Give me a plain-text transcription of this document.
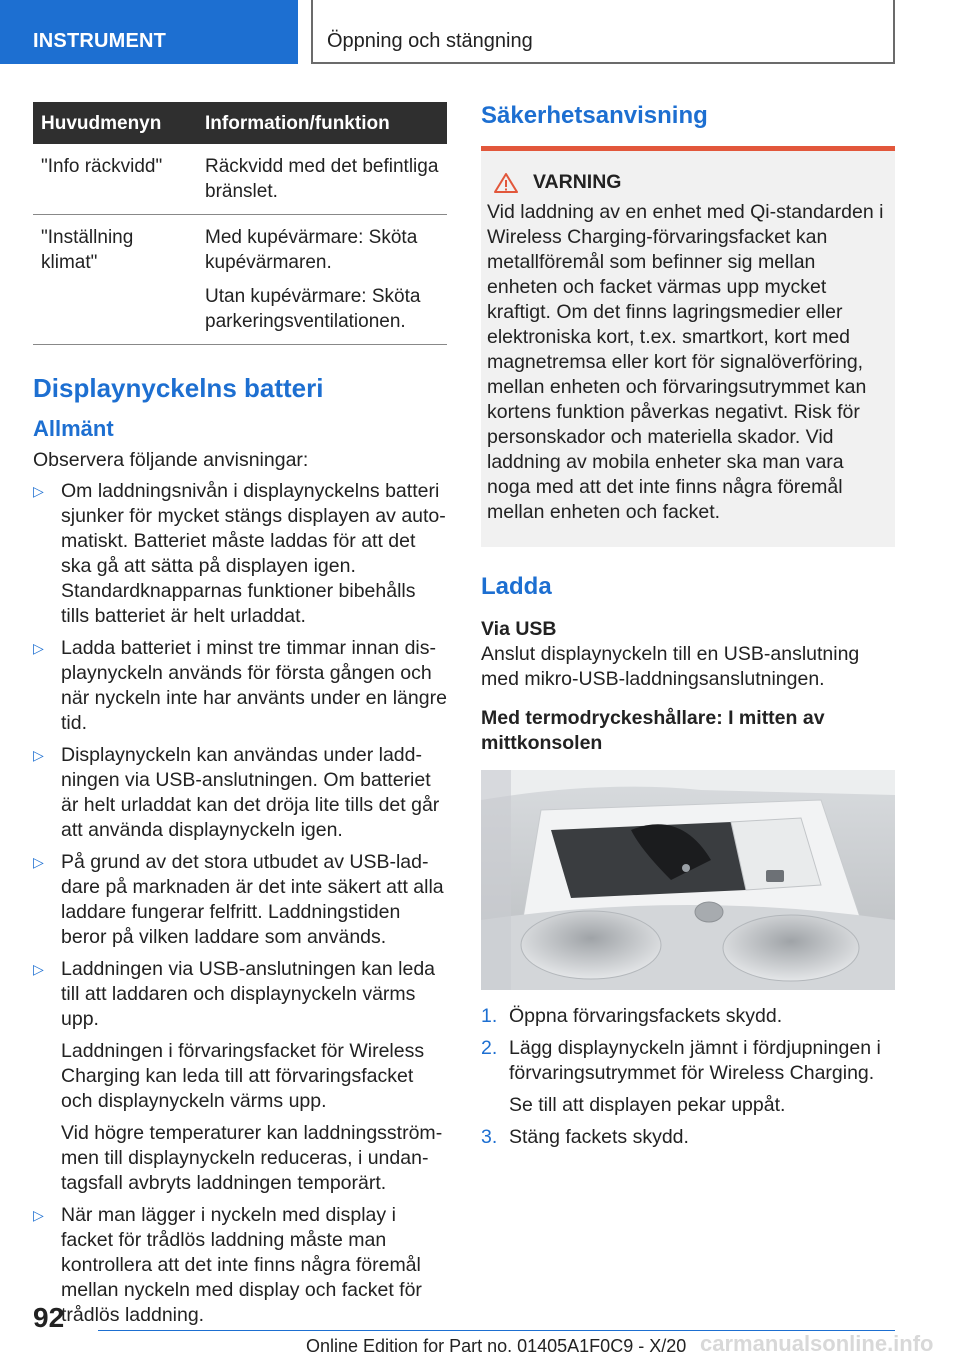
INSTRUMENT	Öppning och stängning
Huvudmenyn	Information/funktion
"Info räckvidd"	Räckvidd med det befintliga bränslet.

"Inställning klimat"	Med kupévärmare: Sköta kupévärmaren.

Utan kupévärmare: Sköta parkeringsventilationen.

Displaynyckelns batteri
Allmänt

Observera följande anvisningar:

▷ Om laddningsnivån i displaynyckelns batteri sjunker för mycket stängs displayen av automatiskt. Batteriet måste laddas för att det ska gå att sätta på displayen igen. Standardknapparnas funktioner bibehålls tills batteriet är helt urladdat.

▷ Ladda batteriet i minst tre timmar innan displaynyckeln används för första gången och när nyckeln inte har använts under en längre tid.

▷ Displaynyckeln kan användas under laddningen via USB-anslutningen. Om batteriet är helt urladdat kan det dröja lite tills det går att använda displaynyckeln igen.

▷ På grund av det stora utbudet av USB-laddare på marknaden är det inte säkert att alla laddare fungerar felfritt. Laddningstiden beror på vilken laddare som används.

▷ Laddningen via USB-anslutningen kan leda till att laddaren och displaynyckeln värms upp.

Laddningen i förvaringsfacket för Wireless Charging kan leda till att förvaringsfacket och displaynyckeln värms upp.

Vid högre temperaturer kan laddningsströmmen till displaynyckeln reduceras, i undantagsfall avbryts laddningen temporärt.

▷ När man lägger i nyckeln med display i facket för trådlös laddning måste man kontrollera att det inte finns några föremål mellan nyckeln med display och facket för trådlös laddning.

Säkerhetsanvisning
VARNING

Vid laddning av en enhet med Qi-standarden i Wireless Charging-förvaringsfacket kan metallföremål som befinner sig mellan enheten och facket värmas upp mycket kraftigt. Om det finns lagringsmedier eller elektroniska kort, t.ex. smartkort, kort med magnetremsa eller kort för signalöverföring, mellan enheten och förvaringsutrymmet kan kortens funktion påverkas negativt. Risk för personskador och materiella skador. Vid laddning av mobila enheter ska man vara noga med att det inte finns några föremål mellan enheten och facket.

Ladda

Via USB

Anslut displaynyckeln till en USB-anslutning med mikro-USB-laddningsanslutningen.

Med termodryckeshållare: I mitten av mittkonsolen

1. Öppna förvaringsfackets skydd.

2. Lägg displaynyckeln jämnt i fördjupningen i förvaringsutrymmet för Wireless Charging.

Se till att displayen pekar uppåt.

3. Stäng fackets skydd.

92
Online Edition for Part no. 01405A1F0C9 - X/20 carmanualsonline.info
